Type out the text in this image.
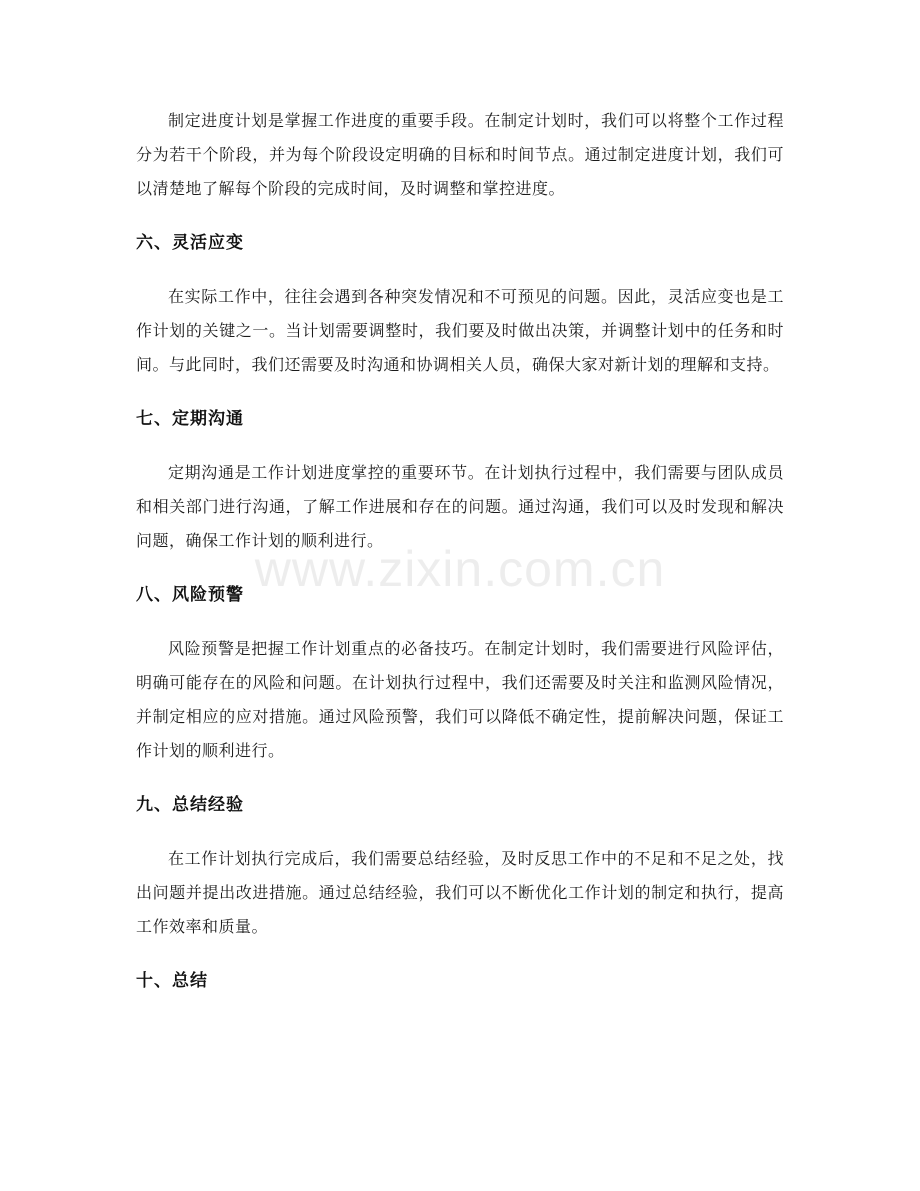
制定进度计划是掌握工作进度的重要手段。在制定计划时，我们可以将整个工作过程分为若干个阶段，并为每个阶段设定明确的目标和时间节点。通过制定进度计划，我们可以清楚地了解每个阶段的完成时间，及时调整和掌控进度。

六、灵活应变

在实际工作中，往往会遇到各种突发情况和不可预见的问题。因此，灵活应变也是工作计划的关键之一。当计划需要调整时，我们要及时做出决策，并调整计划中的任务和时间。与此同时，我们还需要及时沟通和协调相关人员，确保大家对新计划的理解和支持。

七、定期沟通

定期沟通是工作计划进度掌控的重要环节。在计划执行过程中，我们需要与团队成员和相关部门进行沟通，了解工作进展和存在的问题。通过沟通，我们可以及时发现和解决问题，确保工作计划的顺利进行。

八、风险预警

风险预警是把握工作计划重点的必备技巧。在制定计划时，我们需要进行风险评估，明确可能存在的风险和问题。在计划执行过程中，我们还需要及时关注和监测风险情况，并制定相应的应对措施。通过风险预警，我们可以降低不确定性，提前解决问题，保证工作计划的顺利进行。

九、总结经验

在工作计划执行完成后，我们需要总结经验，及时反思工作中的不足和不足之处，找出问题并提出改进措施。通过总结经验，我们可以不断优化工作计划的制定和执行，提高工作效率和质量。

十、总结

www.zixin.com.cn
